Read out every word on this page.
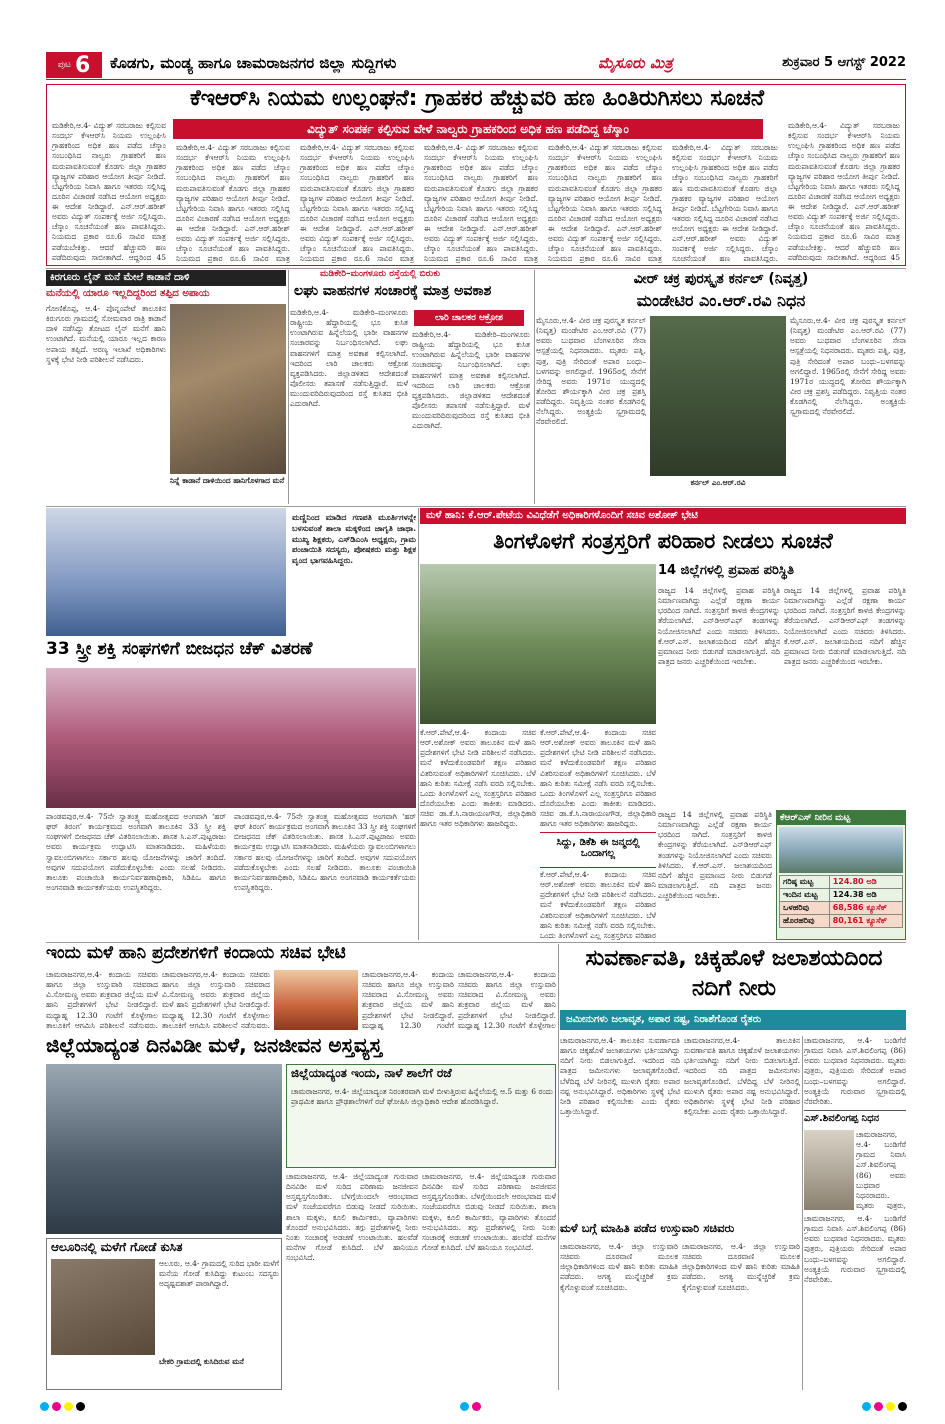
ಪುಟ 6 ಕೊಡಗು, ಮಂಡ್ಯ ಹಾಗೂ ಚಾಮರಾಜನಗರ ಜಿಲ್ಲಾ ಸುದ್ದಿಗಳು	ಮೈಸೂರು ಮಿತ್ರ	ಶುಕ್ರವಾರ 5 ಆಗಸ್ಟ್ 2022
ಕೆಇಆರ್‌ಸಿ ನಿಯಮ ಉಲ್ಲಂಘನೆ: ಗ್ರಾಹಕರ ಹೆಚ್ಚುವರಿ ಹಣ ಹಿಂತಿರುಗಿಸಲು ಸೂಚನೆ
ವಿದ್ಯುತ್ ಸಂಪರ್ಕ ಕಲ್ಪಿಸುವ ವೇಳೆ ನಾಲ್ವರು ಗ್ರಾಹಕರಿಂದ ಅಧಿಕ ಹಣ ಪಡೆದಿದ್ದ ಚೆಸ್ಕಾಂ
ಮಡಿಕೇರಿ,ಆ.4- ವಿದ್ಯುತ್ ಸರಬರಾಜು ಕಲ್ಪಿಸುವ ಸಂದರ್ಭ ಕೆಇಆರ್‌ಸಿ ನಿಯಮ ಉಲ್ಲಂಘಿಸಿ ಗ್ರಾಹಕರಿಂದ ಅಧಿಕ ಹಣ ಪಡೆದ ಚೆಸ್ಕಾಂ ಸಂಬಂಧಿಸಿದ ನಾಲ್ವರು ಗ್ರಾಹಕರಿಗೆ ಹಣ ಮರುಪಾವತಿಸುವಂತೆ ಕೊಡಗು ಜಿಲ್ಲಾ ಗ್ರಾಹಕರ ವ್ಯಾಜ್ಯಗಳ ಪರಿಹಾರ ಆಯೋಗ ತೀರ್ಪು ನೀಡಿದೆ. ಬೆಟ್ಟಗೇರಿಯ ನಿವಾಸಿ ಹಾಗೂ ಇತರರು ಸಲ್ಲಿಸಿದ್ದ ದೂರಿನ ವಿಚಾರಣೆ ನಡೆಸಿದ ಆಯೋಗ ಅಧ್ಯಕ್ಷರು ಈ ಆದೇಶ ನೀಡಿದ್ದಾರೆ. ಎನ್.ಆರ್.ಹರೀಶ್ ಅವರು ವಿದ್ಯುತ್ ಸಂಪರ್ಕಕ್ಕೆ ಅರ್ಜಿ ಸಲ್ಲಿಸಿದ್ದರು. ಚೆಸ್ಕಾಂ ಸೂಚನೆಯಂತೆ ಹಣ ಪಾವತಿಸಿದ್ದರು. ನಿಯಮದ ಪ್ರಕಾರ ರೂ.6 ಸಾವಿರ ಮಾತ್ರ ಪಡೆಯಬೇಕಿತ್ತು. ಆದರೆ ಹೆಚ್ಚುವರಿ ಹಣ ಪಡೆದಿರುವುದು ಸಾಬೀತಾಗಿದೆ. ಆದ್ದರಿಂದ 45
ಮಡಿಕೇರಿ,ಆ.4- ವಿದ್ಯುತ್ ಸರಬರಾಜು ಕಲ್ಪಿಸುವ ಸಂದರ್ಭ ಕೆಇಆರ್‌ಸಿ ನಿಯಮ ಉಲ್ಲಂಘಿಸಿ ಗ್ರಾಹಕರಿಂದ ಅಧಿಕ ಹಣ ಪಡೆದ ಚೆಸ್ಕಾಂ ಸಂಬಂಧಿಸಿದ ನಾಲ್ವರು ಗ್ರಾಹಕರಿಗೆ ಹಣ ಮರುಪಾವತಿಸುವಂತೆ ಕೊಡಗು ಜಿಲ್ಲಾ ಗ್ರಾಹಕರ ವ್ಯಾಜ್ಯಗಳ ಪರಿಹಾರ ಆಯೋಗ ತೀರ್ಪು ನೀಡಿದೆ. ಬೆಟ್ಟಗೇರಿಯ ನಿವಾಸಿ ಹಾಗೂ ಇತರರು ಸಲ್ಲಿಸಿದ್ದ ದೂರಿನ ವಿಚಾರಣೆ ನಡೆಸಿದ ಆಯೋಗ ಅಧ್ಯಕ್ಷರು ಈ ಆದೇಶ ನೀಡಿದ್ದಾರೆ. ಎನ್.ಆರ್.ಹರೀಶ್ ಅವರು ವಿದ್ಯುತ್ ಸಂಪರ್ಕಕ್ಕೆ ಅರ್ಜಿ ಸಲ್ಲಿಸಿದ್ದರು. ಚೆಸ್ಕಾಂ ಸೂಚನೆಯಂತೆ ಹಣ ಪಾವತಿಸಿದ್ದರು. ನಿಯಮದ ಪ್ರಕಾರ ರೂ.6 ಸಾವಿರ ಮಾತ್ರ
ಮಡಿಕೇರಿ,ಆ.4- ವಿದ್ಯುತ್ ಸರಬರಾಜು ಕಲ್ಪಿಸುವ ಸಂದರ್ಭ ಕೆಇಆರ್‌ಸಿ ನಿಯಮ ಉಲ್ಲಂಘಿಸಿ ಗ್ರಾಹಕರಿಂದ ಅಧಿಕ ಹಣ ಪಡೆದ ಚೆಸ್ಕಾಂ ಸಂಬಂಧಿಸಿದ ನಾಲ್ವರು ಗ್ರಾಹಕರಿಗೆ ಹಣ ಮರುಪಾವತಿಸುವಂತೆ ಕೊಡಗು ಜಿಲ್ಲಾ ಗ್ರಾಹಕರ ವ್ಯಾಜ್ಯಗಳ ಪರಿಹಾರ ಆಯೋಗ ತೀರ್ಪು ನೀಡಿದೆ. ಬೆಟ್ಟಗೇರಿಯ ನಿವಾಸಿ ಹಾಗೂ ಇತರರು ಸಲ್ಲಿಸಿದ್ದ ದೂರಿನ ವಿಚಾರಣೆ ನಡೆಸಿದ ಆಯೋಗ ಅಧ್ಯಕ್ಷರು ಈ ಆದೇಶ ನೀಡಿದ್ದಾರೆ. ಎನ್.ಆರ್.ಹರೀಶ್ ಅವರು ವಿದ್ಯುತ್ ಸಂಪರ್ಕಕ್ಕೆ ಅರ್ಜಿ ಸಲ್ಲಿಸಿದ್ದರು. ಚೆಸ್ಕಾಂ ಸೂಚನೆಯಂತೆ ಹಣ ಪಾವತಿಸಿದ್ದರು. ನಿಯಮದ ಪ್ರಕಾರ ರೂ.6 ಸಾವಿರ ಮಾತ್ರ
ಮಡಿಕೇರಿ,ಆ.4- ವಿದ್ಯುತ್ ಸರಬರಾಜು ಕಲ್ಪಿಸುವ ಸಂದರ್ಭ ಕೆಇಆರ್‌ಸಿ ನಿಯಮ ಉಲ್ಲಂಘಿಸಿ ಗ್ರಾಹಕರಿಂದ ಅಧಿಕ ಹಣ ಪಡೆದ ಚೆಸ್ಕಾಂ ಸಂಬಂಧಿಸಿದ ನಾಲ್ವರು ಗ್ರಾಹಕರಿಗೆ ಹಣ ಮರುಪಾವತಿಸುವಂತೆ ಕೊಡಗು ಜಿಲ್ಲಾ ಗ್ರಾಹಕರ ವ್ಯಾಜ್ಯಗಳ ಪರಿಹಾರ ಆಯೋಗ ತೀರ್ಪು ನೀಡಿದೆ. ಬೆಟ್ಟಗೇರಿಯ ನಿವಾಸಿ ಹಾಗೂ ಇತರರು ಸಲ್ಲಿಸಿದ್ದ ದೂರಿನ ವಿಚಾರಣೆ ನಡೆಸಿದ ಆಯೋಗ ಅಧ್ಯಕ್ಷರು ಈ ಆದೇಶ ನೀಡಿದ್ದಾರೆ. ಎನ್.ಆರ್.ಹರೀಶ್ ಅವರು ವಿದ್ಯುತ್ ಸಂಪರ್ಕಕ್ಕೆ ಅರ್ಜಿ ಸಲ್ಲಿಸಿದ್ದರು. ಚೆಸ್ಕಾಂ ಸೂಚನೆಯಂತೆ ಹಣ ಪಾವತಿಸಿದ್ದರು. ನಿಯಮದ ಪ್ರಕಾರ ರೂ.6 ಸಾವಿರ ಮಾತ್ರ
ಮಡಿಕೇರಿ,ಆ.4- ವಿದ್ಯುತ್ ಸರಬರಾಜು ಕಲ್ಪಿಸುವ ಸಂದರ್ಭ ಕೆಇಆರ್‌ಸಿ ನಿಯಮ ಉಲ್ಲಂಘಿಸಿ ಗ್ರಾಹಕರಿಂದ ಅಧಿಕ ಹಣ ಪಡೆದ ಚೆಸ್ಕಾಂ ಸಂಬಂಧಿಸಿದ ನಾಲ್ವರು ಗ್ರಾಹಕರಿಗೆ ಹಣ ಮರುಪಾವತಿಸುವಂತೆ ಕೊಡಗು ಜಿಲ್ಲಾ ಗ್ರಾಹಕರ ವ್ಯಾಜ್ಯಗಳ ಪರಿಹಾರ ಆಯೋಗ ತೀರ್ಪು ನೀಡಿದೆ. ಬೆಟ್ಟಗೇರಿಯ ನಿವಾಸಿ ಹಾಗೂ ಇತರರು ಸಲ್ಲಿಸಿದ್ದ ದೂರಿನ ವಿಚಾರಣೆ ನಡೆಸಿದ ಆಯೋಗ ಅಧ್ಯಕ್ಷರು ಈ ಆದೇಶ ನೀಡಿದ್ದಾರೆ. ಎನ್.ಆರ್.ಹರೀಶ್ ಅವರು ವಿದ್ಯುತ್ ಸಂಪರ್ಕಕ್ಕೆ ಅರ್ಜಿ ಸಲ್ಲಿಸಿದ್ದರು. ಚೆಸ್ಕಾಂ ಸೂಚನೆಯಂತೆ ಹಣ ಪಾವತಿಸಿದ್ದರು. ನಿಯಮದ ಪ್ರಕಾರ ರೂ.6 ಸಾವಿರ ಮಾತ್ರ
ಮಡಿಕೇರಿ,ಆ.4- ವಿದ್ಯುತ್ ಸರಬರಾಜು ಕಲ್ಪಿಸುವ ಸಂದರ್ಭ ಕೆಇಆರ್‌ಸಿ ನಿಯಮ ಉಲ್ಲಂಘಿಸಿ ಗ್ರಾಹಕರಿಂದ ಅಧಿಕ ಹಣ ಪಡೆದ ಚೆಸ್ಕಾಂ ಸಂಬಂಧಿಸಿದ ನಾಲ್ವರು ಗ್ರಾಹಕರಿಗೆ ಹಣ ಮರುಪಾವತಿಸುವಂತೆ ಕೊಡಗು ಜಿಲ್ಲಾ ಗ್ರಾಹಕರ ವ್ಯಾಜ್ಯಗಳ ಪರಿಹಾರ ಆಯೋಗ ತೀರ್ಪು ನೀಡಿದೆ. ಬೆಟ್ಟಗೇರಿಯ ನಿವಾಸಿ ಹಾಗೂ ಇತರರು ಸಲ್ಲಿಸಿದ್ದ ದೂರಿನ ವಿಚಾರಣೆ ನಡೆಸಿದ ಆಯೋಗ ಅಧ್ಯಕ್ಷರು ಈ ಆದೇಶ ನೀಡಿದ್ದಾರೆ. ಎನ್.ಆರ್.ಹರೀಶ್ ಅವರು ವಿದ್ಯುತ್ ಸಂಪರ್ಕಕ್ಕೆ ಅರ್ಜಿ ಸಲ್ಲಿಸಿದ್ದರು. ಚೆಸ್ಕಾಂ ಸೂಚನೆಯಂತೆ ಹಣ ಪಾವತಿಸಿದ್ದರು.
ಮಡಿಕೇರಿ,ಆ.4- ವಿದ್ಯುತ್ ಸರಬರಾಜು ಕಲ್ಪಿಸುವ ಸಂದರ್ಭ ಕೆಇಆರ್‌ಸಿ ನಿಯಮ ಉಲ್ಲಂಘಿಸಿ ಗ್ರಾಹಕರಿಂದ ಅಧಿಕ ಹಣ ಪಡೆದ ಚೆಸ್ಕಾಂ ಸಂಬಂಧಿಸಿದ ನಾಲ್ವರು ಗ್ರಾಹಕರಿಗೆ ಹಣ ಮರುಪಾವತಿಸುವಂತೆ ಕೊಡಗು ಜಿಲ್ಲಾ ಗ್ರಾಹಕರ ವ್ಯಾಜ್ಯಗಳ ಪರಿಹಾರ ಆಯೋಗ ತೀರ್ಪು ನೀಡಿದೆ. ಬೆಟ್ಟಗೇರಿಯ ನಿವಾಸಿ ಹಾಗೂ ಇತರರು ಸಲ್ಲಿಸಿದ್ದ ದೂರಿನ ವಿಚಾರಣೆ ನಡೆಸಿದ ಆಯೋಗ ಅಧ್ಯಕ್ಷರು ಈ ಆದೇಶ ನೀಡಿದ್ದಾರೆ. ಎನ್.ಆರ್.ಹರೀಶ್ ಅವರು ವಿದ್ಯುತ್ ಸಂಪರ್ಕಕ್ಕೆ ಅರ್ಜಿ ಸಲ್ಲಿಸಿದ್ದರು. ಚೆಸ್ಕಾಂ ಸೂಚನೆಯಂತೆ ಹಣ ಪಾವತಿಸಿದ್ದರು. ನಿಯಮದ ಪ್ರಕಾರ ರೂ.6 ಸಾವಿರ ಮಾತ್ರ ಪಡೆಯಬೇಕಿತ್ತು. ಆದರೆ ಹೆಚ್ಚುವರಿ ಹಣ ಪಡೆದಿರುವುದು ಸಾಬೀತಾಗಿದೆ. ಆದ್ದರಿಂದ 45
ಕಿರಗೂರು ಲೈನ್ ಮನೆ ಮೇಲೆ ಕಾಡಾನೆ ದಾಳಿ
ಮನೆಯಲ್ಲಿ ಯಾರೂ ಇಲ್ಲದಿದ್ದರಿಂದ ತಪ್ಪಿದ ಅಪಾಯ
ಗೋಣಿಕೊಪ್ಪ, ಆ.4- ಪೊನ್ನಂಪೇಟೆ ತಾಲೂಕಿನ ಕಿರುಗೂರು ಗ್ರಾಮದಲ್ಲಿ ಸೋಮವಾರ ರಾತ್ರಿ ಕಾಡಾನೆ ದಾಳಿ ನಡೆಸಿದ್ದು ತೋಟದ ಲೈನ್ ಮನೆಗೆ ಹಾನಿ ಉಂಟಾಗಿದೆ. ಮನೆಯಲ್ಲಿ ಯಾರೂ ಇಲ್ಲದ ಕಾರಣ ಅಪಾಯ ತಪ್ಪಿದೆ. ಅರಣ್ಯ ಇಲಾಖೆ ಅಧಿಕಾರಿಗಳು ಸ್ಥಳಕ್ಕೆ ಭೇಟಿ ನೀಡಿ ಪರಿಶೀಲನೆ ನಡೆಸಿದರು.
ನಿನ್ನೆ ಕಾಡಾನೆ ದಾಳಿಯಿಂದ ಹಾನಿಗೊಳಗಾದ ಮನೆ
ಮಡಿಕೇರಿ–ಮಂಗಳೂರು ರಸ್ತೆಯಲ್ಲಿ ಬಿರುಕು
ಲಘು ವಾಹನಗಳ ಸಂಚಾರಕ್ಕೆ ಮಾತ್ರ ಅವಕಾಶ
ಮಡಿಕೇರಿ,ಆ.4- ಮಡಿಕೇರಿ–ಮಂಗಳೂರು ರಾಷ್ಟ್ರೀಯ ಹೆದ್ದಾರಿಯಲ್ಲಿ ಭೂ ಕುಸಿತ ಉಂಟಾಗಿರುವ ಹಿನ್ನೆಲೆಯಲ್ಲಿ ಭಾರೀ ವಾಹನಗಳ ಸಂಚಾರವನ್ನು ನಿರ್ಬಂಧಿಸಲಾಗಿದೆ. ಲಘು ವಾಹನಗಳಿಗೆ ಮಾತ್ರ ಅವಕಾಶ ಕಲ್ಪಿಸಲಾಗಿದೆ. ಇದರಿಂದ ಲಾರಿ ಚಾಲಕರು ಆಕ್ರೋಶ ವ್ಯಕ್ತಪಡಿಸಿದರು. ಜಿಲ್ಲಾಡಳಿತದ ಆದೇಶದಂತೆ ಪೊಲೀಸರು ತಪಾಸಣೆ ನಡೆಸುತ್ತಿದ್ದಾರೆ. ಮಳೆ ಮುಂದುವರಿದಿರುವುದರಿಂದ ರಸ್ತೆ ಕುಸಿತದ ಭೀತಿ ಎದುರಾಗಿದೆ.
ಲಾರಿ ಚಾಲಕರ ಆಕ್ರೋಶ
ಮಡಿಕೇರಿ,ಆ.4- ಮಡಿಕೇರಿ–ಮಂಗಳೂರು ರಾಷ್ಟ್ರೀಯ ಹೆದ್ದಾರಿಯಲ್ಲಿ ಭೂ ಕುಸಿತ ಉಂಟಾಗಿರುವ ಹಿನ್ನೆಲೆಯಲ್ಲಿ ಭಾರೀ ವಾಹನಗಳ ಸಂಚಾರವನ್ನು ನಿರ್ಬಂಧಿಸಲಾಗಿದೆ. ಲಘು ವಾಹನಗಳಿಗೆ ಮಾತ್ರ ಅವಕಾಶ ಕಲ್ಪಿಸಲಾಗಿದೆ. ಇದರಿಂದ ಲಾರಿ ಚಾಲಕರು ಆಕ್ರೋಶ ವ್ಯಕ್ತಪಡಿಸಿದರು. ಜಿಲ್ಲಾಡಳಿತದ ಆದೇಶದಂತೆ ಪೊಲೀಸರು ತಪಾಸಣೆ ನಡೆಸುತ್ತಿದ್ದಾರೆ. ಮಳೆ ಮುಂದುವರಿದಿರುವುದರಿಂದ ರಸ್ತೆ ಕುಸಿತದ ಭೀತಿ ಎದುರಾಗಿದೆ.
ವೀರ್ ಚಕ್ರ ಪುರಸ್ಕೃತ ಕರ್ನಲ್ (ನಿವೃತ್ತ)
ಮಂಡೇಟಿರ ಎಂ.ಆರ್.ರವಿ ನಿಧನ
ಮೈಸೂರು,ಆ.4- ವೀರ ಚಕ್ರ ಪುರಸ್ಕೃತ ಕರ್ನಲ್ (ನಿವೃತ್ತ) ಮಂಡೇಟಿರ ಎಂ.ಆರ್.ರವಿ (77) ಅವರು ಬುಧವಾರ ಬೆಂಗಳೂರಿನ ಸೇನಾ ಆಸ್ಪತ್ರೆಯಲ್ಲಿ ನಿಧನರಾದರು. ಮೃತರು ಪತ್ನಿ, ಪುತ್ರ, ಪುತ್ರಿ ಸೇರಿದಂತೆ ಅಪಾರ ಬಂಧು–ಬಳಗವನ್ನು ಅಗಲಿದ್ದಾರೆ. 1965ರಲ್ಲಿ ಸೇನೆಗೆ ಸೇರಿದ್ದ ಅವರು 1971ರ ಯುದ್ಧದಲ್ಲಿ ತೋರಿದ ಶೌರ್ಯಕ್ಕಾಗಿ ವೀರ ಚಕ್ರ ಪ್ರಶಸ್ತಿ ಪಡೆದಿದ್ದರು. ನಿವೃತ್ತಿಯ ನಂತರ ಕೊಡಗಿನಲ್ಲಿ ನೆಲೆಸಿದ್ದರು. ಅಂತ್ಯಕ್ರಿಯೆ ಸ್ವಗ್ರಾಮದಲ್ಲಿ ನೆರವೇರಲಿದೆ.
ಕರ್ನಲ್ ಎಂ.ಆರ್.ರವಿ
ಮೈಸೂರು,ಆ.4- ವೀರ ಚಕ್ರ ಪುರಸ್ಕೃತ ಕರ್ನಲ್ (ನಿವೃತ್ತ) ಮಂಡೇಟಿರ ಎಂ.ಆರ್.ರವಿ (77) ಅವರು ಬುಧವಾರ ಬೆಂಗಳೂರಿನ ಸೇನಾ ಆಸ್ಪತ್ರೆಯಲ್ಲಿ ನಿಧನರಾದರು. ಮೃತರು ಪತ್ನಿ, ಪುತ್ರ, ಪುತ್ರಿ ಸೇರಿದಂತೆ ಅಪಾರ ಬಂಧು–ಬಳಗವನ್ನು ಅಗಲಿದ್ದಾರೆ. 1965ರಲ್ಲಿ ಸೇನೆಗೆ ಸೇರಿದ್ದ ಅವರು 1971ರ ಯುದ್ಧದಲ್ಲಿ ತೋರಿದ ಶೌರ್ಯಕ್ಕಾಗಿ ವೀರ ಚಕ್ರ ಪ್ರಶಸ್ತಿ ಪಡೆದಿದ್ದರು. ನಿವೃತ್ತಿಯ ನಂತರ ಕೊಡಗಿನಲ್ಲಿ ನೆಲೆಸಿದ್ದರು. ಅಂತ್ಯಕ್ರಿಯೆ ಸ್ವಗ್ರಾಮದಲ್ಲಿ ನೆರವೇರಲಿದೆ.
ಮಣ್ಣಿನಿಂದ ಮಾಡಿದ ಗಣಪತಿ ಮೂರ್ತಿಗಳನ್ನೇ ಬಳಸುವಂತೆ ಶಾಲಾ ಮಕ್ಕಳಿಂದ ಜಾಗೃತಿ ಜಾಥಾ. ಮುಖ್ಯ ಶಿಕ್ಷಕರು, ಎಸ್‌ಡಿಎಂಸಿ ಅಧ್ಯಕ್ಷರು, ಗ್ರಾಮ ಪಂಚಾಯಿತಿ ಸದಸ್ಯರು, ಪೋಷಕರು ಮತ್ತು ಶಿಕ್ಷಕ ವೃಂದ ಭಾಗವಹಿಸಿದ್ದರು.
33 ಸ್ತ್ರೀ ಶಕ್ತಿ ಸಂಘಗಳಿಗೆ ಬೀಜಧನ ಚೆಕ್ ವಿತರಣೆ
ಪಾಂಡವಪುರ,ಆ.4- 75ನೇ ಸ್ವಾತಂತ್ರ್ಯ ಮಹೋತ್ಸವದ ಅಂಗವಾಗಿ ‘ಹರ್ ಘರ್ ತಿರಂಗ’ ಕಾರ್ಯಕ್ರಮದ ಅಂಗವಾಗಿ ತಾಲೂಕಿನ 33 ಸ್ತ್ರೀ ಶಕ್ತಿ ಸಂಘಗಳಿಗೆ ಬೀಜಧನದ ಚೆಕ್ ವಿತರಿಸಲಾಯಿತು. ಶಾಸಕ ಸಿ.ಎಸ್.ಪುಟ್ಟರಾಜು ಅವರು ಕಾರ್ಯಕ್ರಮ ಉದ್ಘಾಟಿಸಿ ಮಾತನಾಡಿದರು. ಮಹಿಳೆಯರು ಸ್ವಾವಲಂಬಿಗಳಾಗಲು ಸರ್ಕಾರ ಹಲವು ಯೋಜನೆಗಳನ್ನು ಜಾರಿಗೆ ತಂದಿದೆ. ಅವುಗಳ ಸದುಪಯೋಗ ಪಡೆದುಕೊಳ್ಳಬೇಕು ಎಂದು ಸಲಹೆ ನೀಡಿದರು. ತಾಲೂಕು ಪಂಚಾಯಿತಿ ಕಾರ್ಯನಿರ್ವಹಣಾಧಿಕಾರಿ, ಸಿಡಿಪಿಒ ಹಾಗೂ ಅಂಗನವಾಡಿ ಕಾರ್ಯಕರ್ತೆಯರು ಉಪಸ್ಥಿತರಿದ್ದರು.
ಪಾಂಡವಪುರ,ಆ.4- 75ನೇ ಸ್ವಾತಂತ್ರ್ಯ ಮಹೋತ್ಸವದ ಅಂಗವಾಗಿ ‘ಹರ್ ಘರ್ ತಿರಂಗ’ ಕಾರ್ಯಕ್ರಮದ ಅಂಗವಾಗಿ ತಾಲೂಕಿನ 33 ಸ್ತ್ರೀ ಶಕ್ತಿ ಸಂಘಗಳಿಗೆ ಬೀಜಧನದ ಚೆಕ್ ವಿತರಿಸಲಾಯಿತು. ಶಾಸಕ ಸಿ.ಎಸ್.ಪುಟ್ಟರಾಜು ಅವರು ಕಾರ್ಯಕ್ರಮ ಉದ್ಘಾಟಿಸಿ ಮಾತನಾಡಿದರು. ಮಹಿಳೆಯರು ಸ್ವಾವಲಂಬಿಗಳಾಗಲು ಸರ್ಕಾರ ಹಲವು ಯೋಜನೆಗಳನ್ನು ಜಾರಿಗೆ ತಂದಿದೆ. ಅವುಗಳ ಸದುಪಯೋಗ ಪಡೆದುಕೊಳ್ಳಬೇಕು ಎಂದು ಸಲಹೆ ನೀಡಿದರು. ತಾಲೂಕು ಪಂಚಾಯಿತಿ ಕಾರ್ಯನಿರ್ವಹಣಾಧಿಕಾರಿ, ಸಿಡಿಪಿಒ ಹಾಗೂ ಅಂಗನವಾಡಿ ಕಾರ್ಯಕರ್ತೆಯರು ಉಪಸ್ಥಿತರಿದ್ದರು.
ಮಳೆ ಹಾನಿ: ಕೆ.ಆರ್.ಪೇಟೆಯ ವಿವಿಧೆಡೆಗೆ ಅಧಿಕಾರಿಗಳೊಂದಿಗೆ ಸಚಿವ ಅಶೋಕ್ ಭೇಟಿ
ತಿಂಗಳೊಳಗೆ ಸಂತ್ರಸ್ತರಿಗೆ ಪರಿಹಾರ ನೀಡಲು ಸೂಚನೆ
ಕೆ.ಆರ್.ಪೇಟೆ,ಆ.4- ಕಂದಾಯ ಸಚಿವ ಆರ್.ಅಶೋಕ್ ಅವರು ತಾಲೂಕಿನ ಮಳೆ ಹಾನಿ ಪ್ರದೇಶಗಳಿಗೆ ಭೇಟಿ ನೀಡಿ ಪರಿಶೀಲನೆ ನಡೆಸಿದರು. ಮನೆ ಕಳೆದುಕೊಂಡವರಿಗೆ ತಕ್ಷಣ ಪರಿಹಾರ ವಿತರಿಸುವಂತೆ ಅಧಿಕಾರಿಗಳಿಗೆ ಸೂಚಿಸಿದರು. ಬೆಳೆ ಹಾನಿ ಕುರಿತು ಸಮೀಕ್ಷೆ ನಡೆಸಿ ವರದಿ ಸಲ್ಲಿಸಬೇಕು. ಒಂದು ತಿಂಗಳೊಳಗೆ ಎಲ್ಲ ಸಂತ್ರಸ್ತರಿಗೂ ಪರಿಹಾರ ದೊರೆಯಬೇಕು ಎಂದು ತಾಕೀತು ಮಾಡಿದರು. ಸಚಿವ ಡಾ.ಕೆ.ಸಿ.ನಾರಾಯಣಗೌಡ, ಜಿಲ್ಲಾಧಿಕಾರಿ ಹಾಗೂ ಇತರ ಅಧಿಕಾರಿಗಳು ಹಾಜರಿದ್ದರು.
ಕೆ.ಆರ್.ಪೇಟೆ,ಆ.4- ಕಂದಾಯ ಸಚಿವ ಆರ್.ಅಶೋಕ್ ಅವರು ತಾಲೂಕಿನ ಮಳೆ ಹಾನಿ ಪ್ರದೇಶಗಳಿಗೆ ಭೇಟಿ ನೀಡಿ ಪರಿಶೀಲನೆ ನಡೆಸಿದರು. ಮನೆ ಕಳೆದುಕೊಂಡವರಿಗೆ ತಕ್ಷಣ ಪರಿಹಾರ ವಿತರಿಸುವಂತೆ ಅಧಿಕಾರಿಗಳಿಗೆ ಸೂಚಿಸಿದರು. ಬೆಳೆ ಹಾನಿ ಕುರಿತು ಸಮೀಕ್ಷೆ ನಡೆಸಿ ವರದಿ ಸಲ್ಲಿಸಬೇಕು. ಒಂದು ತಿಂಗಳೊಳಗೆ ಎಲ್ಲ ಸಂತ್ರಸ್ತರಿಗೂ ಪರಿಹಾರ ದೊರೆಯಬೇಕು ಎಂದು ತಾಕೀತು ಮಾಡಿದರು. ಸಚಿವ ಡಾ.ಕೆ.ಸಿ.ನಾರಾಯಣಗೌಡ, ಜಿಲ್ಲಾಧಿಕಾರಿ ಹಾಗೂ ಇತರ ಅಧಿಕಾರಿಗಳು ಹಾಜರಿದ್ದರು.
ಸಿದ್ದು, ಡಿಕೆಶಿ ಈ ಜನ್ಮದಲ್ಲಿ ಒಂದಾಗಲ್ಲ
ಕೆ.ಆರ್.ಪೇಟೆ,ಆ.4- ಕಂದಾಯ ಸಚಿವ ಆರ್.ಅಶೋಕ್ ಅವರು ತಾಲೂಕಿನ ಮಳೆ ಹಾನಿ ಪ್ರದೇಶಗಳಿಗೆ ಭೇಟಿ ನೀಡಿ ಪರಿಶೀಲನೆ ನಡೆಸಿದರು. ಮನೆ ಕಳೆದುಕೊಂಡವರಿಗೆ ತಕ್ಷಣ ಪರಿಹಾರ ವಿತರಿಸುವಂತೆ ಅಧಿಕಾರಿಗಳಿಗೆ ಸೂಚಿಸಿದರು. ಬೆಳೆ ಹಾನಿ ಕುರಿತು ಸಮೀಕ್ಷೆ ನಡೆಸಿ ವರದಿ ಸಲ್ಲಿಸಬೇಕು. ಒಂದು ತಿಂಗಳೊಳಗೆ ಎಲ್ಲ ಸಂತ್ರಸ್ತರಿಗೂ ಪರಿಹಾರ
14 ಜಿಲ್ಲೆಗಳಲ್ಲಿ ಪ್ರವಾಹ ಪರಿಸ್ಥಿತಿ
ರಾಜ್ಯದ 14 ಜಿಲ್ಲೆಗಳಲ್ಲಿ ಪ್ರವಾಹ ಪರಿಸ್ಥಿತಿ ನಿರ್ಮಾಣವಾಗಿದ್ದು ಎಲ್ಲೆಡೆ ರಕ್ಷಣಾ ಕಾರ್ಯ ಭರದಿಂದ ಸಾಗಿದೆ. ಸಂತ್ರಸ್ತರಿಗೆ ಕಾಳಜಿ ಕೇಂದ್ರಗಳನ್ನು ತೆರೆಯಲಾಗಿದೆ. ಎನ್‌ಡಿಆರ್‌ಎಫ್ ತಂಡಗಳನ್ನು ನಿಯೋಜಿಸಲಾಗಿದೆ ಎಂದು ಸಚಿವರು ತಿಳಿಸಿದರು. ಕೆ.ಆರ್.ಎಸ್. ಜಲಾಶಯದಿಂದ ನದಿಗೆ ಹೆಚ್ಚಿನ ಪ್ರಮಾಣದ ನೀರು ಬಿಡುಗಡೆ ಮಾಡಲಾಗುತ್ತಿದೆ. ನದಿ ಪಾತ್ರದ ಜನರು ಎಚ್ಚರಿಕೆಯಿಂದ ಇರಬೇಕು.
ರಾಜ್ಯದ 14 ಜಿಲ್ಲೆಗಳಲ್ಲಿ ಪ್ರವಾಹ ಪರಿಸ್ಥಿತಿ ನಿರ್ಮಾಣವಾಗಿದ್ದು ಎಲ್ಲೆಡೆ ರಕ್ಷಣಾ ಕಾರ್ಯ ಭರದಿಂದ ಸಾಗಿದೆ. ಸಂತ್ರಸ್ತರಿಗೆ ಕಾಳಜಿ ಕೇಂದ್ರಗಳನ್ನು ತೆರೆಯಲಾಗಿದೆ. ಎನ್‌ಡಿಆರ್‌ಎಫ್ ತಂಡಗಳನ್ನು ನಿಯೋಜಿಸಲಾಗಿದೆ ಎಂದು ಸಚಿವರು ತಿಳಿಸಿದರು. ಕೆ.ಆರ್.ಎಸ್. ಜಲಾಶಯದಿಂದ ನದಿಗೆ ಹೆಚ್ಚಿನ ಪ್ರಮಾಣದ ನೀರು ಬಿಡುಗಡೆ ಮಾಡಲಾಗುತ್ತಿದೆ. ನದಿ ಪಾತ್ರದ ಜನರು ಎಚ್ಚರಿಕೆಯಿಂದ ಇರಬೇಕು.
ಕೆಆರ್‌ಎಸ್ ನೀರಿನ ಮಟ್ಟ
ಗರಿಷ್ಠ ಮಟ್ಟ	124.80 ಅಡಿ
ಇಂದಿನ ಮಟ್ಟ	124.38 ಅಡಿ
ಒಳಹರಿವು	68,586 ಕ್ಯೂಸೆಕ್
ಹೊರಹರಿವು	80,161 ಕ್ಯೂಸೆಕ್
ರಾಜ್ಯದ 14 ಜಿಲ್ಲೆಗಳಲ್ಲಿ ಪ್ರವಾಹ ಪರಿಸ್ಥಿತಿ ನಿರ್ಮಾಣವಾಗಿದ್ದು ಎಲ್ಲೆಡೆ ರಕ್ಷಣಾ ಕಾರ್ಯ ಭರದಿಂದ ಸಾಗಿದೆ. ಸಂತ್ರಸ್ತರಿಗೆ ಕಾಳಜಿ ಕೇಂದ್ರಗಳನ್ನು ತೆರೆಯಲಾಗಿದೆ. ಎನ್‌ಡಿಆರ್‌ಎಫ್ ತಂಡಗಳನ್ನು ನಿಯೋಜಿಸಲಾಗಿದೆ ಎಂದು ಸಚಿವರು ತಿಳಿಸಿದರು. ಕೆ.ಆರ್.ಎಸ್. ಜಲಾಶಯದಿಂದ ನದಿಗೆ ಹೆಚ್ಚಿನ ಪ್ರಮಾಣದ ನೀರು ಬಿಡುಗಡೆ ಮಾಡಲಾಗುತ್ತಿದೆ. ನದಿ ಪಾತ್ರದ ಜನರು ಎಚ್ಚರಿಕೆಯಿಂದ ಇರಬೇಕು.
ಇಂದು ಮಳೆ ಹಾನಿ ಪ್ರದೇಶಗಳಿಗೆ ಕಂದಾಯ ಸಚಿವ ಭೇಟಿ
ಚಾಮರಾಜನಗರ,ಆ.4- ಕಂದಾಯ ಸಚಿವರು ಹಾಗೂ ಜಿಲ್ಲಾ ಉಸ್ತುವಾರಿ ಸಚಿವರಾದ ವಿ.ಸೋಮಣ್ಣ ಅವರು ಶುಕ್ರವಾರ ಜಿಲ್ಲೆಯ ಮಳೆ ಹಾನಿ ಪ್ರದೇಶಗಳಿಗೆ ಭೇಟಿ ನೀಡಲಿದ್ದಾರೆ. ಮಧ್ಯಾಹ್ನ 12.30 ಗಂಟೆಗೆ ಕೊಳ್ಳೇಗಾಲ ತಾಲೂಕಿಗೆ ಆಗಮಿಸಿ ಪರಿಶೀಲನೆ ನಡೆಸುವರು.
ಚಾಮರಾಜನಗರ,ಆ.4- ಕಂದಾಯ ಸಚಿವರು ಹಾಗೂ ಜಿಲ್ಲಾ ಉಸ್ತುವಾರಿ ಸಚಿವರಾದ ವಿ.ಸೋಮಣ್ಣ ಅವರು ಶುಕ್ರವಾರ ಜಿಲ್ಲೆಯ ಮಳೆ ಹಾನಿ ಪ್ರದೇಶಗಳಿಗೆ ಭೇಟಿ ನೀಡಲಿದ್ದಾರೆ. ಮಧ್ಯಾಹ್ನ 12.30 ಗಂಟೆಗೆ ಕೊಳ್ಳೇಗಾಲ ತಾಲೂಕಿಗೆ ಆಗಮಿಸಿ ಪರಿಶೀಲನೆ ನಡೆಸುವರು.
ಚಾಮರಾಜನಗರ,ಆ.4- ಕಂದಾಯ ಸಚಿವರು ಹಾಗೂ ಜಿಲ್ಲಾ ಉಸ್ತುವಾರಿ ಸಚಿವರಾದ ವಿ.ಸೋಮಣ್ಣ ಅವರು ಶುಕ್ರವಾರ ಜಿಲ್ಲೆಯ ಮಳೆ ಹಾನಿ ಪ್ರದೇಶಗಳಿಗೆ ಭೇಟಿ ನೀಡಲಿದ್ದಾರೆ. ಮಧ್ಯಾಹ್ನ 12.30 ಗಂಟೆಗೆ
ಚಾಮರಾಜನಗರ,ಆ.4- ಕಂದಾಯ ಸಚಿವರು ಹಾಗೂ ಜಿಲ್ಲಾ ಉಸ್ತುವಾರಿ ಸಚಿವರಾದ ವಿ.ಸೋಮಣ್ಣ ಅವರು ಶುಕ್ರವಾರ ಜಿಲ್ಲೆಯ ಮಳೆ ಹಾನಿ ಪ್ರದೇಶಗಳಿಗೆ ಭೇಟಿ ನೀಡಲಿದ್ದಾರೆ. ಮಧ್ಯಾಹ್ನ 12.30 ಗಂಟೆಗೆ ಕೊಳ್ಳೇಗಾಲ
ಸುವರ್ಣಾವತಿ, ಚಿಕ್ಕಹೊಳೆ ಜಲಾಶಯದಿಂದ ನದಿಗೆ ನೀರು
ಜಮೀನುಗಳು ಜಲಾವೃತ, ಅಪಾರ ನಷ್ಟ, ನಿರಾಶೆಗೊಂಡ ರೈತರು
ಜಿಲ್ಲೆಯಾದ್ಯಂತ ದಿನವಿಡೀ ಮಳೆ, ಜನಜೀವನ ಅಸ್ತವ್ಯಸ್ತ
ಜಿಲ್ಲೆಯಾದ್ಯಂತ ಇಂದು, ನಾಳೆ ಶಾಲೆಗೆ ರಜೆ
ಚಾಮರಾಜನಗರ, ಆ.4- ಜಿಲ್ಲೆಯಾದ್ಯಂತ ನಿರಂತರವಾಗಿ ಮಳೆ ಬೀಳುತ್ತಿರುವ ಹಿನ್ನೆಲೆಯಲ್ಲಿ ಆ.5 ಮತ್ತು 6 ರಂದು ಪ್ರಾಥಮಿಕ ಹಾಗೂ ಪ್ರೌಢಶಾಲೆಗಳಿಗೆ ರಜೆ ಘೋಷಿಸಿ ಜಿಲ್ಲಾಧಿಕಾರಿ ಆದೇಶ ಹೊರಡಿಸಿದ್ದಾರೆ.
ಚಾಮರಾಜನಗರ, ಆ.4- ಜಿಲ್ಲೆಯಾದ್ಯಂತ ಗುರುವಾರ ದಿನವಿಡೀ ಮಳೆ ಸುರಿದ ಪರಿಣಾಮ ಜನಜೀವನ ಅಸ್ತವ್ಯಸ್ತಗೊಂಡಿತು. ಬೆಳಗ್ಗೆಯಿಂದಲೇ ಆರಂಭವಾದ ಮಳೆ ಸಂಜೆಯವರೆಗೂ ಬಿಡುವು ನೀಡದೆ ಸುರಿಯಿತು. ಶಾಲಾ ಮಕ್ಕಳು, ಕೂಲಿ ಕಾರ್ಮಿಕರು, ವ್ಯಾಪಾರಿಗಳು ತೊಂದರೆ ಅನುಭವಿಸಿದರು. ತಗ್ಗು ಪ್ರದೇಶಗಳಲ್ಲಿ ನೀರು ನಿಂತು ಸಂಚಾರಕ್ಕೆ ಅಡಚಣೆ ಉಂಟಾಯಿತು. ಹಲವೆಡೆ ಮನೆಗಳ ಗೋಡೆ ಕುಸಿದಿದೆ. ಬೆಳೆ ಹಾನಿಯೂ ಸಂಭವಿಸಿದೆ.
ಚಾಮರಾಜನಗರ, ಆ.4- ಜಿಲ್ಲೆಯಾದ್ಯಂತ ಗುರುವಾರ ದಿನವಿಡೀ ಮಳೆ ಸುರಿದ ಪರಿಣಾಮ ಜನಜೀವನ ಅಸ್ತವ್ಯಸ್ತಗೊಂಡಿತು. ಬೆಳಗ್ಗೆಯಿಂದಲೇ ಆರಂಭವಾದ ಮಳೆ ಸಂಜೆಯವರೆಗೂ ಬಿಡುವು ನೀಡದೆ ಸುರಿಯಿತು. ಶಾಲಾ ಮಕ್ಕಳು, ಕೂಲಿ ಕಾರ್ಮಿಕರು, ವ್ಯಾಪಾರಿಗಳು ತೊಂದರೆ ಅನುಭವಿಸಿದರು. ತಗ್ಗು ಪ್ರದೇಶಗಳಲ್ಲಿ ನೀರು ನಿಂತು ಸಂಚಾರಕ್ಕೆ ಅಡಚಣೆ ಉಂಟಾಯಿತು. ಹಲವೆಡೆ ಮನೆಗಳ ಗೋಡೆ ಕುಸಿದಿದೆ. ಬೆಳೆ ಹಾನಿಯೂ ಸಂಭವಿಸಿದೆ.
ಆಲೂರಿನಲ್ಲಿ ಮಳೆಗೆ ಗೋಡೆ ಕುಸಿತ
ಆಲೂರು, ಆ.4- ಗ್ರಾಮದಲ್ಲಿ ಸುರಿದ ಭಾರೀ ಮಳೆಗೆ ಮನೆಯ ಗೋಡೆ ಕುಸಿದಿದ್ದು ಕುಟುಂಬ ಸದಸ್ಯರು ಅದೃಷ್ಟವಶಾತ್ ಪಾರಾಗಿದ್ದಾರೆ.
ಬೇಕರಿ ಗ್ರಾಮದಲ್ಲಿ ಕುಸಿದಿರುವ ಮನೆ
ಚಾಮರಾಜನಗರ,ಆ.4- ತಾಲೂಕಿನ ಸುವರ್ಣಾವತಿ ಹಾಗೂ ಚಿಕ್ಕಹೊಳೆ ಜಲಾಶಯಗಳು ಭರ್ತಿಯಾಗಿದ್ದು ನದಿಗೆ ನೀರು ಬಿಡಲಾಗುತ್ತಿದೆ. ಇದರಿಂದ ನದಿ ಪಾತ್ರದ ಜಮೀನುಗಳು ಜಲಾವೃತಗೊಂಡಿವೆ. ಬೆಳೆದಿದ್ದ ಬೆಳೆ ನೀರಿನಲ್ಲಿ ಮುಳುಗಿ ರೈತರು ಅಪಾರ ನಷ್ಟ ಅನುಭವಿಸಿದ್ದಾರೆ. ಅಧಿಕಾರಿಗಳು ಸ್ಥಳಕ್ಕೆ ಭೇಟಿ ನೀಡಿ ಪರಿಹಾರ ಕಲ್ಪಿಸಬೇಕು ಎಂದು ರೈತರು ಒತ್ತಾಯಿಸಿದ್ದಾರೆ.
ಚಾಮರಾಜನಗರ,ಆ.4- ತಾಲೂಕಿನ ಸುವರ್ಣಾವತಿ ಹಾಗೂ ಚಿಕ್ಕಹೊಳೆ ಜಲಾಶಯಗಳು ಭರ್ತಿಯಾಗಿದ್ದು ನದಿಗೆ ನೀರು ಬಿಡಲಾಗುತ್ತಿದೆ. ಇದರಿಂದ ನದಿ ಪಾತ್ರದ ಜಮೀನುಗಳು ಜಲಾವೃತಗೊಂಡಿವೆ. ಬೆಳೆದಿದ್ದ ಬೆಳೆ ನೀರಿನಲ್ಲಿ ಮುಳುಗಿ ರೈತರು ಅಪಾರ ನಷ್ಟ ಅನುಭವಿಸಿದ್ದಾರೆ. ಅಧಿಕಾರಿಗಳು ಸ್ಥಳಕ್ಕೆ ಭೇಟಿ ನೀಡಿ ಪರಿಹಾರ ಕಲ್ಪಿಸಬೇಕು ಎಂದು ರೈತರು ಒತ್ತಾಯಿಸಿದ್ದಾರೆ.
ಮಳೆ ಬಗ್ಗೆ ಮಾಹಿತಿ ಪಡೆದ ಉಸ್ತುವಾರಿ ಸಚಿವರು
ಚಾಮರಾಜನಗರ, ಆ.4- ಜಿಲ್ಲಾ ಉಸ್ತುವಾರಿ ಸಚಿವರು ದೂರವಾಣಿ ಮೂಲಕ ಜಿಲ್ಲಾಧಿಕಾರಿಗಳಿಂದ ಮಳೆ ಹಾನಿ ಕುರಿತು ಮಾಹಿತಿ ಪಡೆದರು. ಅಗತ್ಯ ಮುನ್ನೆಚ್ಚರಿಕೆ ಕ್ರಮ ಕೈಗೊಳ್ಳುವಂತೆ ಸೂಚಿಸಿದರು.
ಚಾಮರಾಜನಗರ, ಆ.4- ಜಿಲ್ಲಾ ಉಸ್ತುವಾರಿ ಸಚಿವರು ದೂರವಾಣಿ ಮೂಲಕ ಜಿಲ್ಲಾಧಿಕಾರಿಗಳಿಂದ ಮಳೆ ಹಾನಿ ಕುರಿತು ಮಾಹಿತಿ ಪಡೆದರು. ಅಗತ್ಯ ಮುನ್ನೆಚ್ಚರಿಕೆ ಕ್ರಮ ಕೈಗೊಳ್ಳುವಂತೆ ಸೂಚಿಸಿದರು.
ಚಾಮರಾಜನಗರ, ಆ.4- ಬಂಡಿಗೆರೆ ಗ್ರಾಮದ ನಿವಾಸಿ ಎಸ್.ಶಿವಲಿಂಗಪ್ಪ (86) ಅವರು ಬುಧವಾರ ನಿಧನರಾದರು. ಮೃತರು ಪುತ್ರರು, ಪುತ್ರಿಯರು ಸೇರಿದಂತೆ ಅಪಾರ ಬಂಧು–ಬಳಗವನ್ನು ಅಗಲಿದ್ದಾರೆ. ಅಂತ್ಯಕ್ರಿಯೆ ಗುರುವಾರ ಸ್ವಗ್ರಾಮದಲ್ಲಿ ನೆರವೇರಿತು.
ಎಸ್.ಶಿವಲಿಂಗಪ್ಪ ನಿಧನ
ಚಾಮರಾಜನಗರ, ಆ.4- ಬಂಡಿಗೆರೆ ಗ್ರಾಮದ ನಿವಾಸಿ ಎಸ್.ಶಿವಲಿಂಗಪ್ಪ (86) ಅವರು ಬುಧವಾರ ನಿಧನರಾದರು. ಮೃತರು ಪುತ್ರರು,
ಚಾಮರಾಜನಗರ, ಆ.4- ಬಂಡಿಗೆರೆ ಗ್ರಾಮದ ನಿವಾಸಿ ಎಸ್.ಶಿವಲಿಂಗಪ್ಪ (86) ಅವರು ಬುಧವಾರ ನಿಧನರಾದರು. ಮೃತರು ಪುತ್ರರು, ಪುತ್ರಿಯರು ಸೇರಿದಂತೆ ಅಪಾರ ಬಂಧು–ಬಳಗವನ್ನು ಅಗಲಿದ್ದಾರೆ. ಅಂತ್ಯಕ್ರಿಯೆ ಗುರುವಾರ ಸ್ವಗ್ರಾಮದಲ್ಲಿ ನೆರವೇರಿತು.
